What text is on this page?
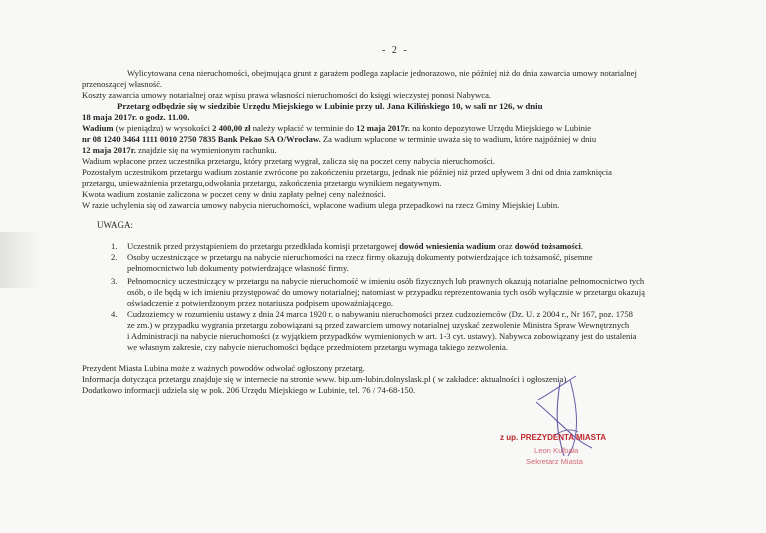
- 2 -
Wylicytowana cena nieruchomości, obejmująca grunt z garażem podlega zapłacie jednorazowo, nie później niż do dnia zawarcia umowy notarialnej
przenoszącej własność.
Koszty zawarcia umowy notarialnej oraz wpisu prawa własności nieruchomości do księgi wieczystej ponosi Nabywca.
Przetarg odbędzie się w siedzibie Urzędu Miejskiego w Lubinie przy ul. Jana Kilińskiego 10, w sali nr 126, w dniu
18 maja 2017r. o godz. 11.00.
Wadium (w pieniądzu) w wysokości 2 400,00 zł należy wpłacić w terminie do 12 maja 2017r. na konto depozytowe Urzędu Miejskiego w Lubinie
nr 08 1240 3464 1111 0010 2750 7835 Bank Pekao SA O/Wrocław. Za wadium wpłacone w terminie uważa się to wadium, które najpóźniej w dniu
12 maja 2017r. znajdzie się na wymienionym rachunku.
Wadium wpłacone przez uczestnika przetargu, który przetarg wygrał, zalicza się na poczet ceny nabycia nieruchomości.
Pozostałym uczestnikom przetargu wadium zostanie zwrócone po zakończeniu przetargu, jednak nie później niż przed upływem 3 dni od dnia zamknięcia
przetargu, unieważnienia przetargu,odwołania przetargu, zakończenia przetargu wynikiem negatywnym.
Kwota wadium zostanie zaliczona w poczet ceny w dniu zapłaty pełnej ceny należności.
W razie uchylenia się od zawarcia umowy nabycia nieruchomości, wpłacone wadium ulega przepadkowi na rzecz Gminy Miejskiej Lubin.
UWAGA:
1. Uczestnik przed przystąpieniem do przetargu przedkłada komisji przetargowej dowód wniesienia wadium oraz dowód tożsamości.
2. Osoby uczestniczące w przetargu na nabycie nieruchomości na rzecz firmy okazują dokumenty potwierdzające ich tożsamość, pisemne
pełnomocnictwo lub dokumenty potwierdzające własność firmy.
3. Pełnomocnicy uczestniczący w przetargu na nabycie nieruchomość w imieniu osób fizycznych lub prawnych okazują notarialne pełnomocnictwo tych
osób, o ile będą w ich imieniu przystępować do umowy notarialnej; natomiast w przypadku reprezentowania tych osób wyłącznie w przetargu okazują
oświadczenie z potwierdzonym przez notariusza podpisem upoważniającego.
4. Cudzoziemcy w rozumieniu ustawy z dnia 24 marca 1920 r. o nabywaniu nieruchomości przez cudzoziemców (Dz. U. z 2004 r., Nr 167, poz. 1758
ze zm.) w przypadku wygrania przetargu zobowiązani są przed zawarciem umowy notarialnej uzyskać zezwolenie Ministra Spraw Wewnętrznych
i Administracji na nabycie nieruchomości (z wyjątkiem przypadków wymienionych w art. 1-3 cyt. ustawy). Nabywca zobowiązany jest do ustalenia
we własnym zakresie, czy nabycie nieruchomości będące przedmiotem przetargu wymaga takiego zezwolenia.
Prezydent Miasta Lubina może z ważnych powodów odwołać ogłoszony przetarg.
Informacja dotycząca przetargu znajduje się w internecie na stronie www. bip.um-lubin.dolnyslask.pl ( w zakładce: aktualności i ogłoszenia).
Dodatkowo informacji udziela się w pok. 206 Urzędu Miejskiego w Lubinie, tel. 76 / 74-68-150.
z up. PREZYDENTA MIASTA
Leon Kulbała
Sekretarz Miasta
